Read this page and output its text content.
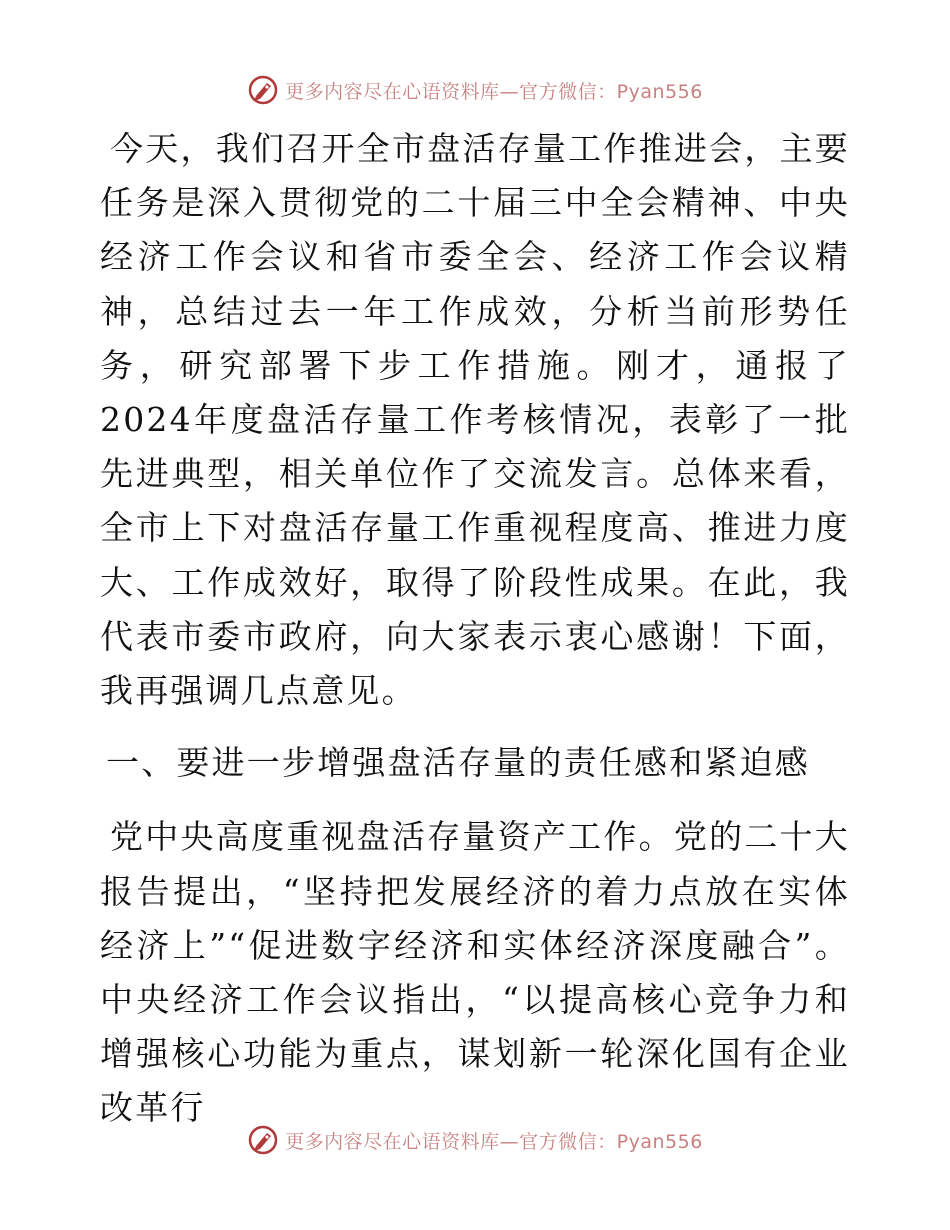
更多内容尽在心语资料库—官方微信：Pyan556

今天，我们召开全市盘活存量工作推进会，主要任务是深入贯彻党的二十届三中全会精神、中央经济工作会议和省市委全会、经济工作会议精神，总结过去一年工作成效，分析当前形势任务，研究部署下步工作措施。刚才，通报了2024年度盘活存量工作考核情况，表彰了一批先进典型，相关单位作了交流发言。总体来看，全市上下对盘活存量工作重视程度高、推进力度大、工作成效好，取得了阶段性成果。在此，我代表市委市政府，向大家表示衷心感谢！下面，我再强调几点意见。

一、要进一步增强盘活存量的责任感和紧迫感

党中央高度重视盘活存量资产工作。党的二十大报告提出，“坚持把发展经济的着力点放在实体经济上”“促进数字经济和实体经济深度融合”。中央经济工作会议指出，“以提高核心竞争力和增强核心功能为重点，谋划新一轮深化国有企业改革行

更多内容尽在心语资料库—官方微信：Pyan556
